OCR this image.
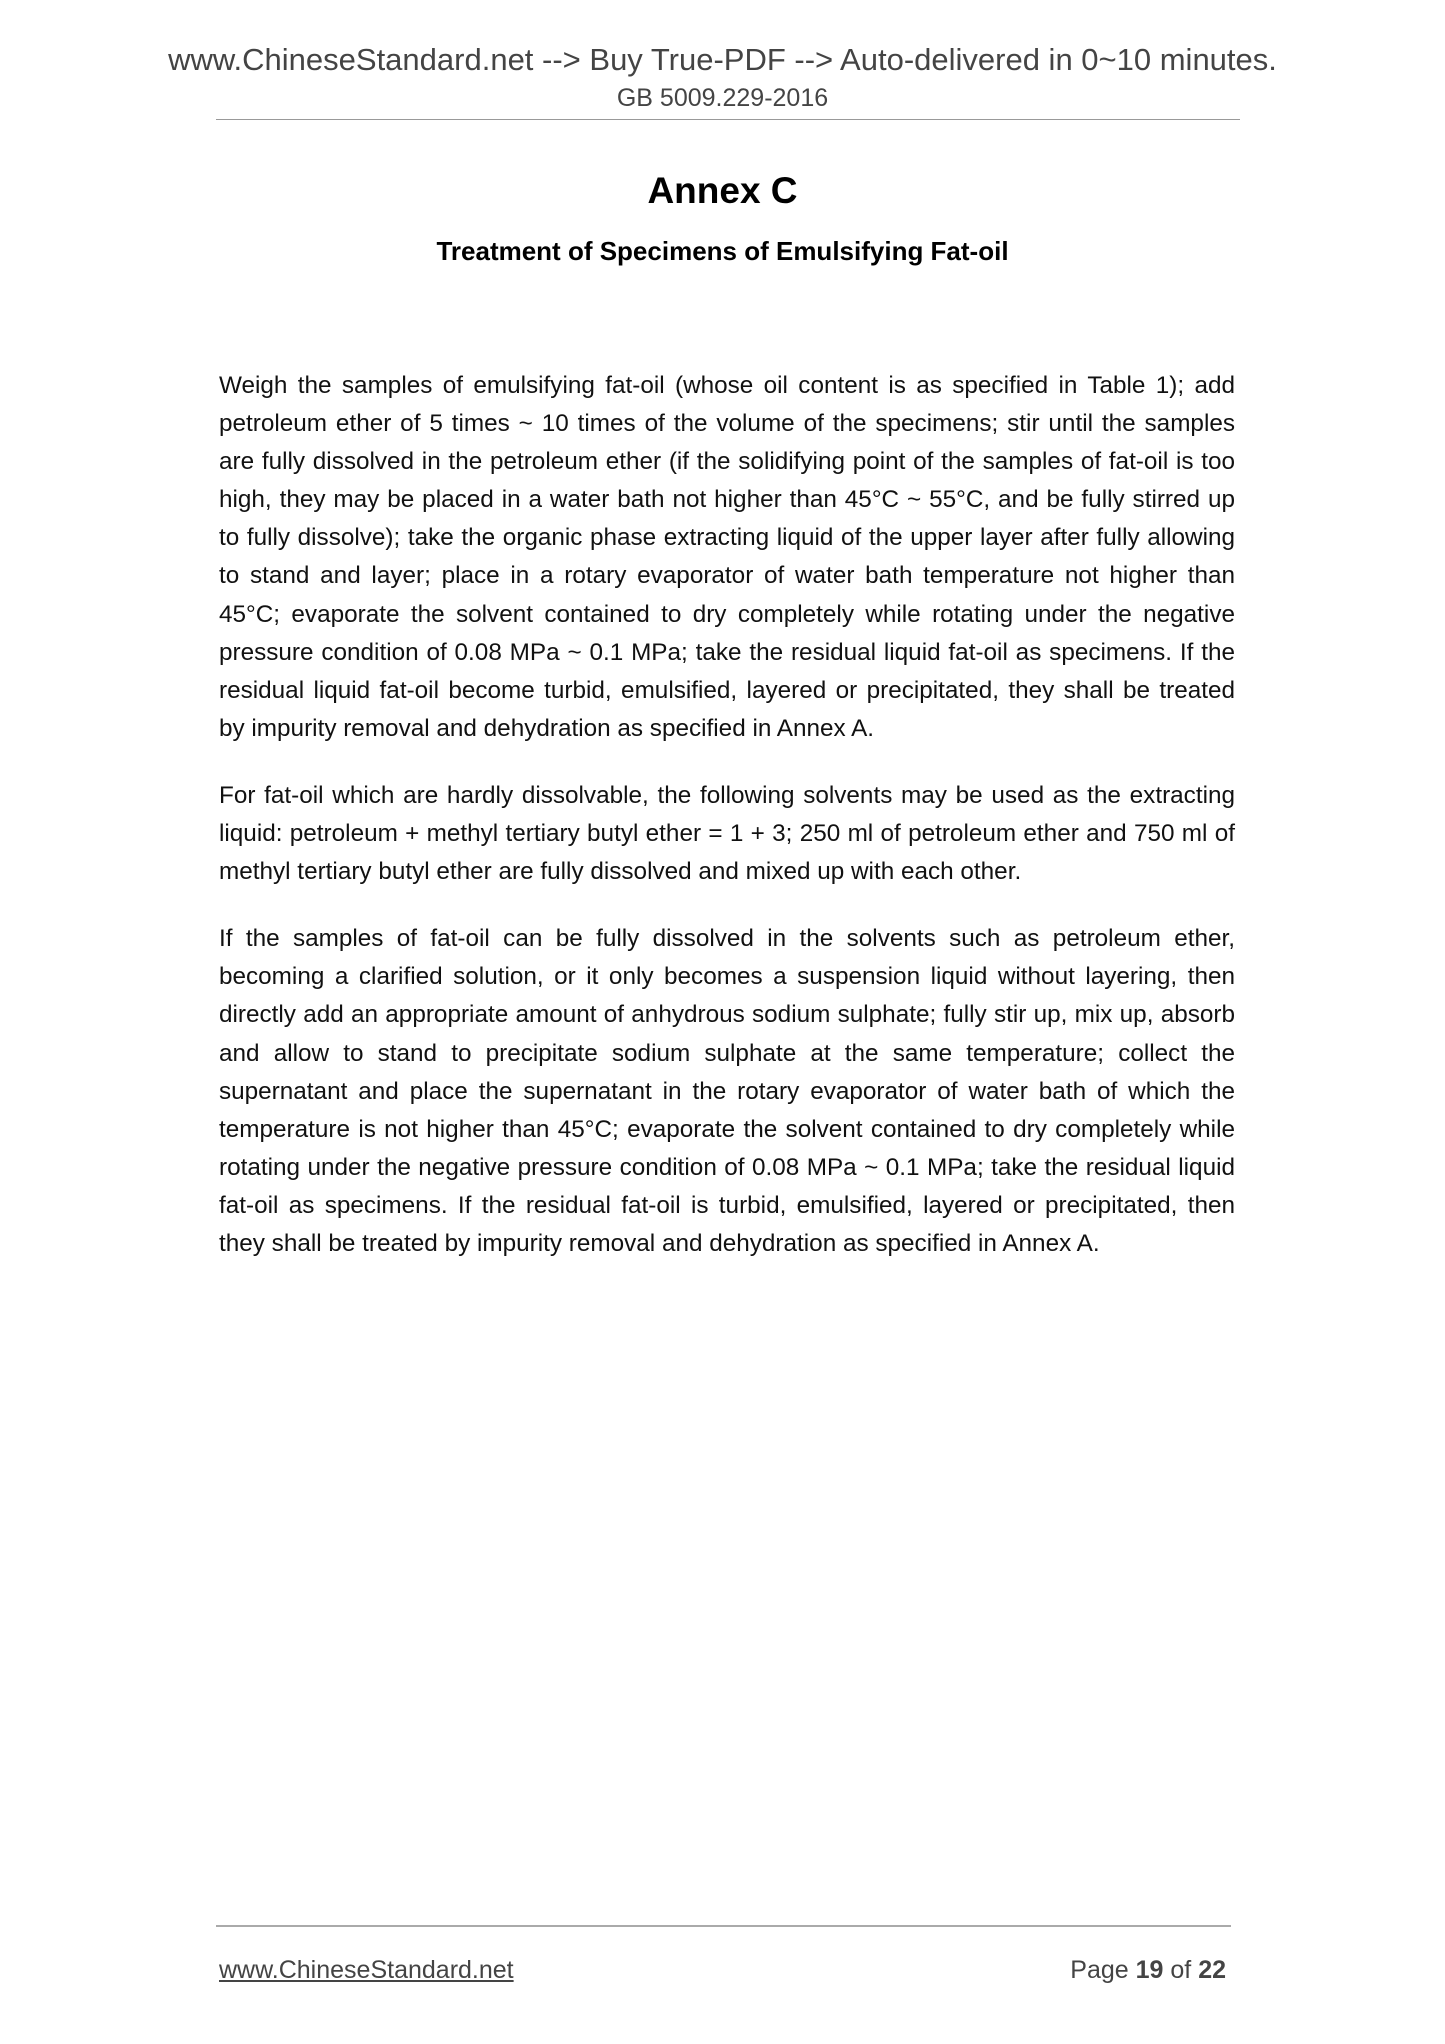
www.ChineseStandard.net --> Buy True-PDF --> Auto-delivered in 0~10 minutes.
GB 5009.229-2016
Annex C
Treatment of Specimens of Emulsifying Fat-oil

Weigh the samples of emulsifying fat-oil (whose oil content is as specified in Table 1); add petroleum ether of 5 times ~ 10 times of the volume of the specimens; stir until the samples are fully dissolved in the petroleum ether (if the solidifying point of the samples of fat-oil is too high, they may be placed in a water bath not higher than 45°C ~ 55°C, and be fully stirred up to fully dissolve); take the organic phase extracting liquid of the upper layer after fully allowing to stand and layer; place in a rotary evaporator of water bath temperature not higher than 45°C; evaporate the solvent contained to dry completely while rotating under the negative pressure condition of 0.08 MPa ~ 0.1 MPa; take the residual liquid fat-oil as specimens. If the residual liquid fat-oil become turbid, emulsified, layered or precipitated, they shall be treated by impurity removal and dehydration as specified in Annex A.

For fat-oil which are hardly dissolvable, the following solvents may be used as the extracting liquid: petroleum + methyl tertiary butyl ether = 1 + 3; 250 ml of petroleum ether and 750 ml of methyl tertiary butyl ether are fully dissolved and mixed up with each other.

If the samples of fat-oil can be fully dissolved in the solvents such as petroleum ether, becoming a clarified solution, or it only becomes a suspension liquid without layering, then directly add an appropriate amount of anhydrous sodium sulphate; fully stir up, mix up, absorb and allow to stand to precipitate sodium sulphate at the same temperature; collect the supernatant and place the supernatant in the rotary evaporator of water bath of which the temperature is not higher than 45°C; evaporate the solvent contained to dry completely while rotating under the negative pressure condition of 0.08 MPa ~ 0.1 MPa; take the residual liquid fat-oil as specimens. If the residual fat-oil is turbid, emulsified, layered or precipitated, then they shall be treated by impurity removal and dehydration as specified in Annex A.

www.ChineseStandard.net	Page 19 of 22
